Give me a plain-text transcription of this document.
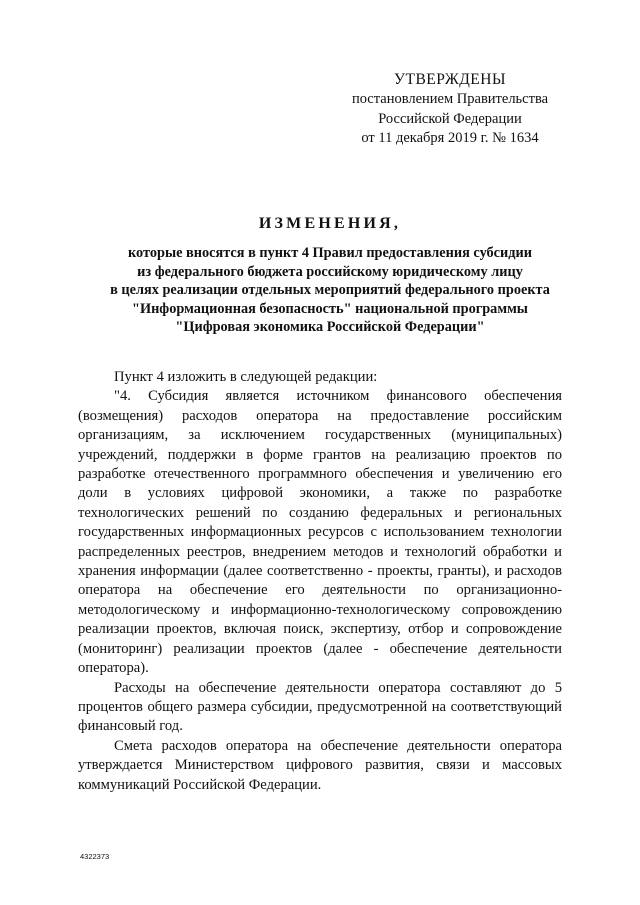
УТВЕРЖДЕНЫ
постановлением Правительства
Российской Федерации
от 11 декабря 2019 г. № 1634
ИЗМЕНЕНИЯ,
которые вносятся в пункт 4 Правил предоставления субсидии
из федерального бюджета российскому юридическому лицу
в целях реализации отдельных мероприятий федерального проекта
"Информационная безопасность" национальной программы
"Цифровая экономика Российской Федерации"

Пункт 4 изложить в следующей редакции:

"4. Субсидия является источником финансового обеспечения (возмещения) расходов оператора на предоставление российским организациям, за исключением государственных (муниципальных) учреждений, поддержки в форме грантов на реализацию проектов по разработке отечественного программного обеспечения и увеличению его доли в условиях цифровой экономики, а также по разработке технологических решений по созданию федеральных и региональных государственных информационных ресурсов с использованием технологии распределенных реестров, внедрением методов и технологий обработки и хранения информации (далее соответственно - проекты, гранты), и расходов оператора на обеспечение его деятельности по организационно-методологическому и информационно-технологическому сопровождению реализации проектов, включая поиск, экспертизу, отбор и сопровождение (мониторинг) реализации проектов (далее - обеспечение деятельности оператора).

Расходы на обеспечение деятельности оператора составляют до 5 процентов общего размера субсидии, предусмотренной на соответствующий финансовый год.

Смета расходов оператора на обеспечение деятельности оператора утверждается Министерством цифрового развития, связи и массовых коммуникаций Российской Федерации.

4322373
